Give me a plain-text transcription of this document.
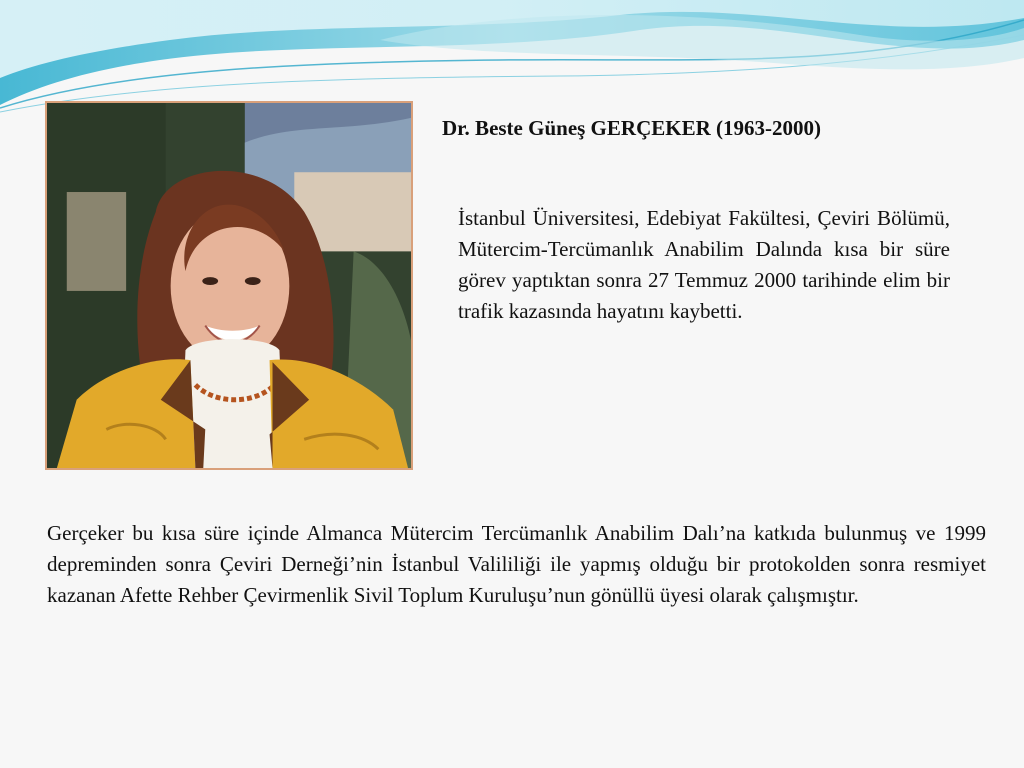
Dr. Beste Güneş GERÇEKER (1963-2000)
İstanbul Üniversitesi, Edebiyat Fakültesi, Çeviri Bölümü, Mütercim-Tercümanlık Anabilim Dalında kısa bir süre görev yaptıktan sonra 27 Temmuz 2000 tarihinde elim bir trafik kazasında hayatını kaybetti.
Gerçeker bu kısa süre içinde Almanca Mütercim Tercümanlık Anabilim Dalı’na katkıda bulunmuş ve 1999 depreminden sonra Çeviri Derneği’nin İstanbul Valililiği ile yapmış olduğu bir protokolden sonra resmiyet kazanan Afette Rehber Çevirmenlik Sivil Toplum Kuruluşu’nun gönüllü üyesi olarak çalışmıştır.
